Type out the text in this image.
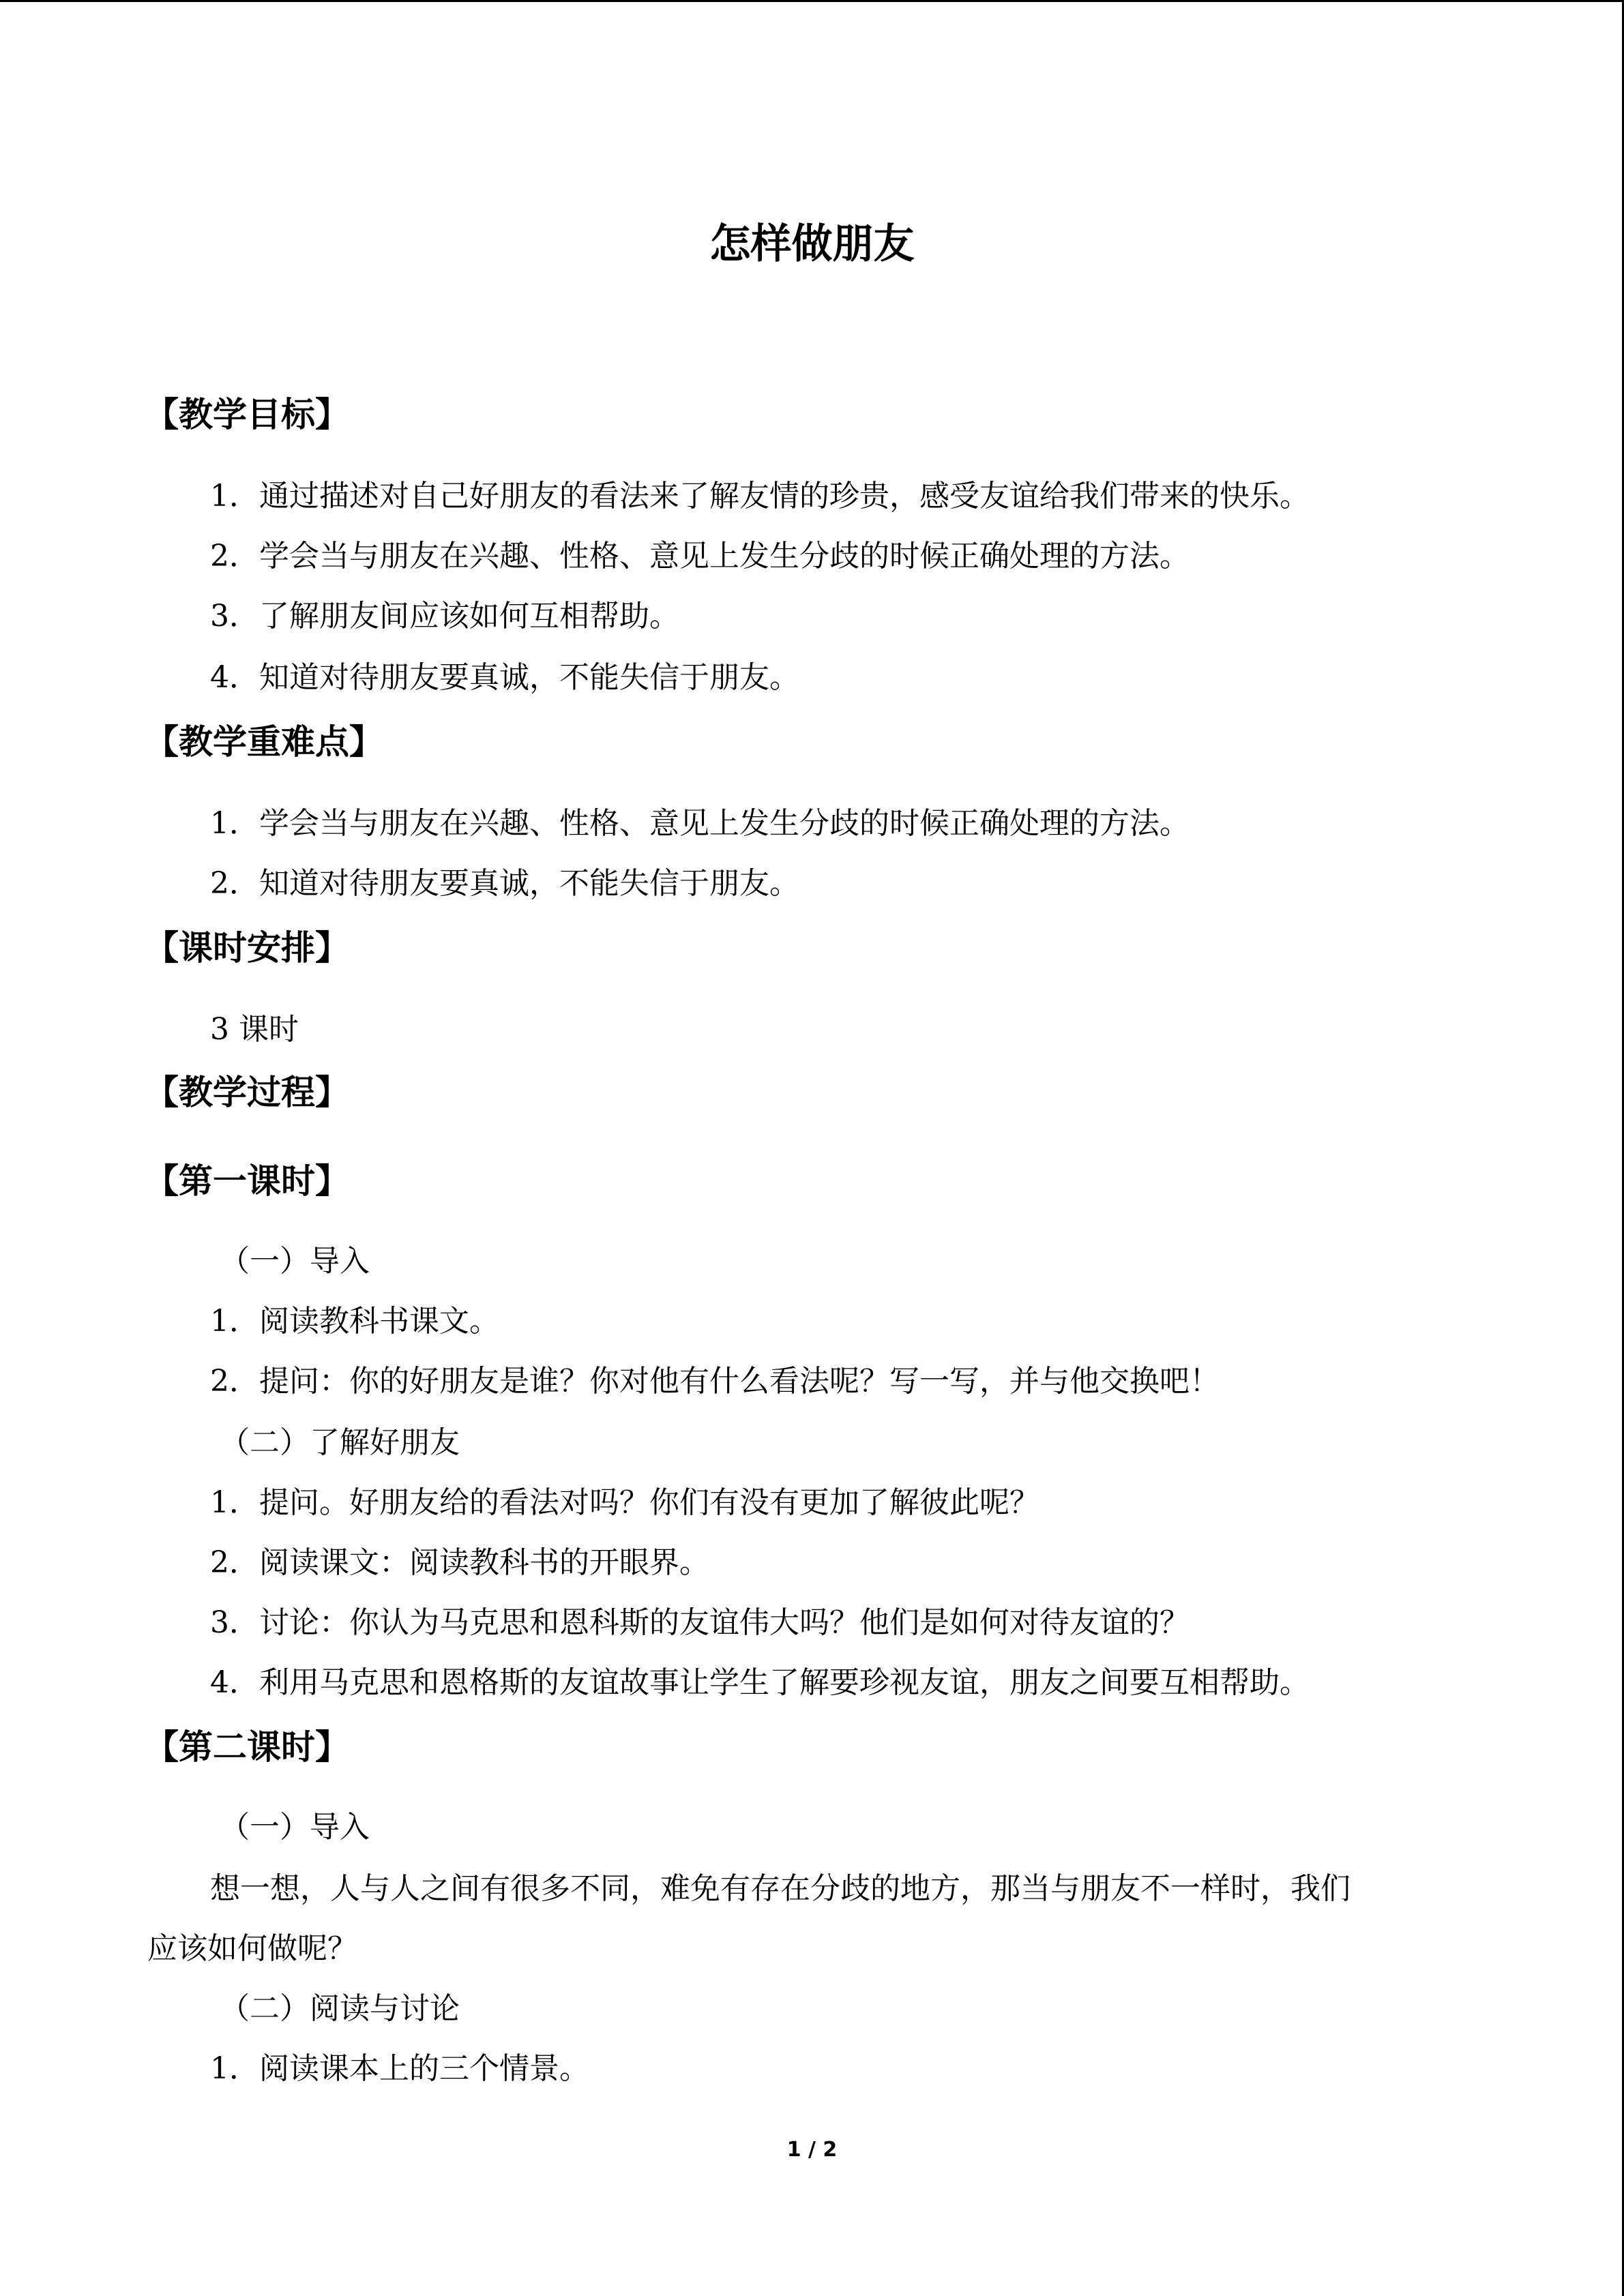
怎样做朋友
【教学目标】
1．通过描述对自己好朋友的看法来了解友情的珍贵，感受友谊给我们带来的快乐。
2．学会当与朋友在兴趣、性格、意见上发生分歧的时候正确处理的方法。
3．了解朋友间应该如何互相帮助。
4．知道对待朋友要真诚，不能失信于朋友。
【教学重难点】
1．学会当与朋友在兴趣、性格、意见上发生分歧的时候正确处理的方法。
2．知道对待朋友要真诚，不能失信于朋友。
【课时安排】
3 课时
【教学过程】
【第一课时】
（一）导入
1．阅读教科书课文。
2．提问：你的好朋友是谁？你对他有什么看法呢？写一写，并与他交换吧！
（二）了解好朋友
1．提问。好朋友给的看法对吗？你们有没有更加了解彼此呢？
2．阅读课文：阅读教科书的开眼界。
3．讨论：你认为马克思和恩科斯的友谊伟大吗？他们是如何对待友谊的？
4．利用马克思和恩格斯的友谊故事让学生了解要珍视友谊，朋友之间要互相帮助。
【第二课时】
（一）导入
想一想，人与人之间有很多不同，难免有存在分歧的地方，那当与朋友不一样时，我们
应该如何做呢？
（二）阅读与讨论
1．阅读课本上的三个情景。
1 / 2
